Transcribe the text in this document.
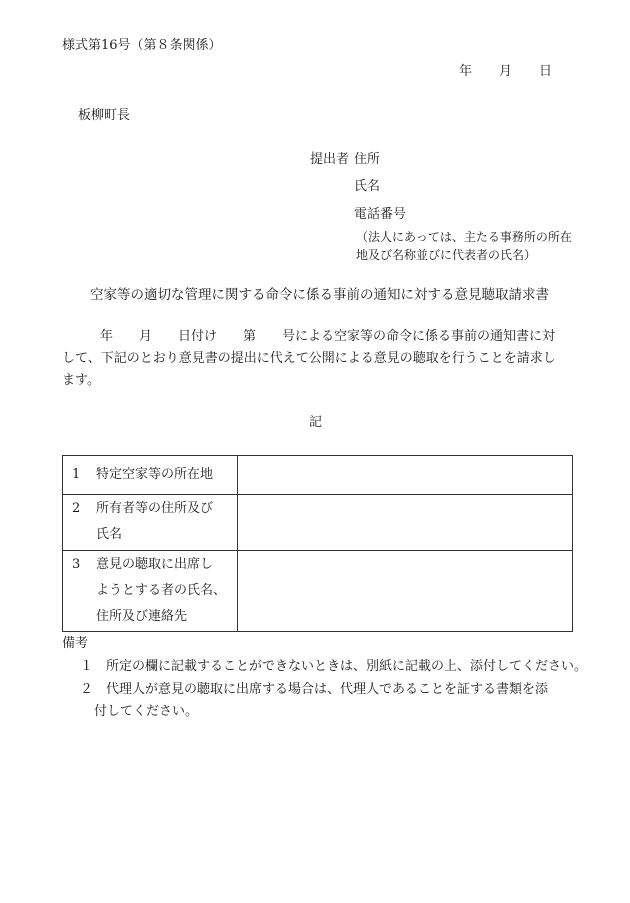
様式第16号（第８条関係）
年 月 日
板柳町長
提出者 住所
氏名
電話番号
（法人にあっては、主たる事務所の所在
地及び名称並びに代表者の氏名）
空家等の適切な管理に関する命令に係る事前の通知に対する意見聴取請求書
年　　月　　日付け　　第　　号による空家等の命令に係る事前の通知書に対
して、下記のとおり意見書の提出に代えて公開による意見の聴取を行うことを請求し
ます。
記
1 特定空家等の所在地	

2 所有者等の住所及び
氏名	

3 意見の聴取に出席し
ようとする者の氏名、
住所及び連絡先	

備考
１　所定の欄に記載することができないときは、別紙に記載の上、添付してください。
２　代理人が意見の聴取に出席する場合は、代理人であることを証する書類を添
付してください。
